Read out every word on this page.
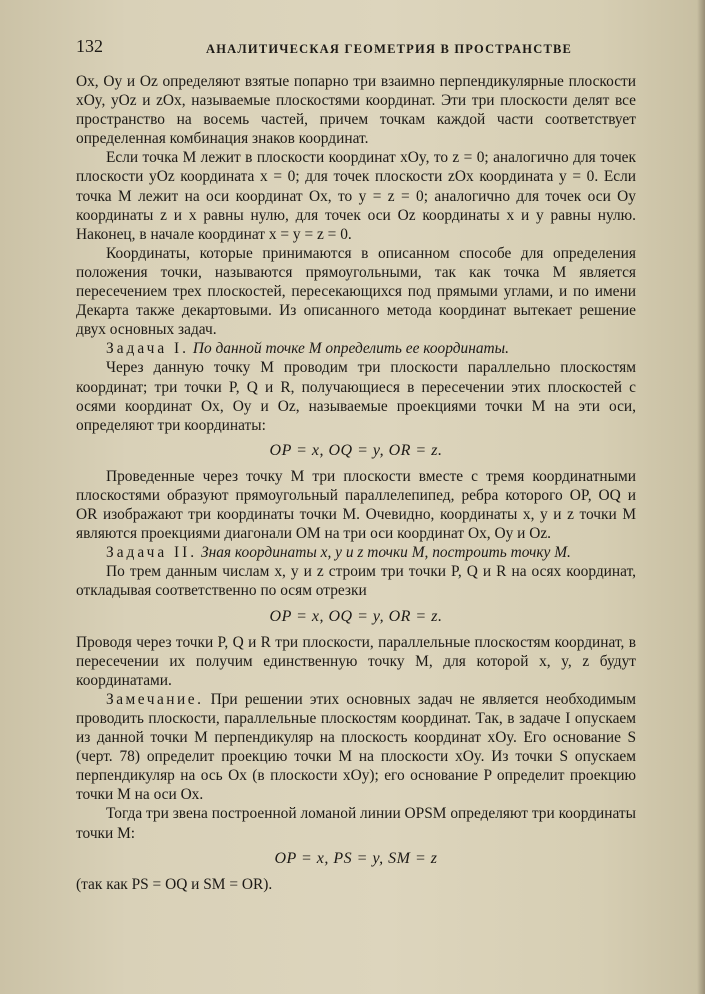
132	АНАЛИТИЧЕСКАЯ ГЕОМЕТРИЯ В ПРОСТРАНСТВЕ

Ox, Oy и Oz определяют взятые попарно три взаимно перпендикулярные плоскости xOy, yOz и zOx, называемые плоскостями координат. Эти три плоскости делят все пространство на восемь частей, причем точкам каждой части соответствует определенная комбинация знаков координат.

Если точка M лежит в плоскости координат xOy, то z = 0; аналогично для точек плоскости yOz координата x = 0; для точек плоскости zOx координата y = 0. Если точка M лежит на оси координат Ox, то y = z = 0; аналогично для точек оси Oy координаты z и x равны нулю, для точек оси Oz координаты x и y равны нулю. Наконец, в начале координат x = y = z = 0.

Координаты, которые принимаются в описанном способе для определения положения точки, называются прямоугольными, так как точка M является пересечением трех плоскостей, пересекающихся под прямыми углами, и по имени Декарта также декартовыми. Из описанного метода координат вытекает решение двух основных задач.

Задача I. По данной точке M определить ее координаты.

Через данную точку M проводим три плоскости параллельно плоскостям координат; три точки P, Q и R, получающиеся в пересечении этих плоскостей с осями координат Ox, Oy и Oz, называемые проекциями точки M на эти оси, определяют три координаты:

OP = x, OQ = y, OR = z.

Проведенные через точку M три плоскости вместе с тремя координатными плоскостями образуют прямоугольный параллелепипед, ребра которого OP, OQ и OR изображают три координаты точки M. Очевидно, координаты x, y и z точки M являются проекциями диагонали OM на три оси координат Ox, Oy и Oz.

Задача II. Зная координаты x, y и z точки M, построить точку M.

По трем данным числам x, y и z строим три точки P, Q и R на осях координат, откладывая соответственно по осям отрезки

OP = x, OQ = y, OR = z.

Проводя через точки P, Q и R три плоскости, параллельные плоскостям координат, в пересечении их получим единственную точку M, для которой x, y, z будут координатами.

Замечание. При решении этих основных задач не является необходимым проводить плоскости, параллельные плоскостям координат. Так, в задаче I опускаем из данной точки M перпендикуляр на плоскость координат xOy. Его основание S (черт. 78) определит проекцию точки M на плоскости xOy. Из точки S опускаем перпендикуляр на ось Ox (в плоскости xOy); его основание P определит проекцию точки M на оси Ox.

Тогда три звена построенной ломаной линии OPSM определяют три координаты точки M:

OP = x, PS = y, SM = z

(так как PS = OQ и SM = OR).
